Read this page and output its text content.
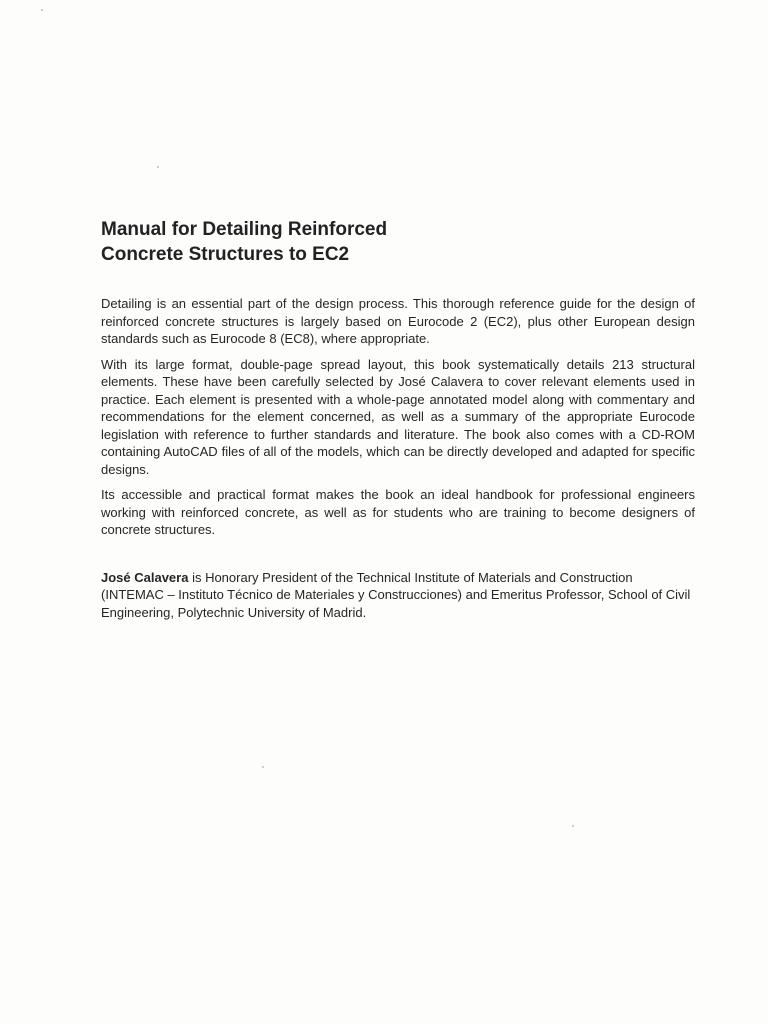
Manual for Detailing Reinforced
Concrete Structures to EC2

Detailing is an essential part of the design process. This thorough reference guide for the design of reinforced concrete structures is largely based on Eurocode 2 (EC2), plus other European design standards such as Eurocode 8 (EC8), where appropriate.

With its large format, double-page spread layout, this book systematically details 213 structural elements. These have been carefully selected by José Calavera to cover relevant elements used in practice. Each element is presented with a whole-page annotated model along with commentary and recommendations for the element concerned, as well as a summary of the appropriate Eurocode legislation with reference to further standards and literature. The book also comes with a CD-ROM containing AutoCAD files of all of the models, which can be directly developed and adapted for specific designs.

Its accessible and practical format makes the book an ideal handbook for professional engineers working with reinforced concrete, as well as for students who are training to become designers of concrete structures.

José Calavera is Honorary President of the Technical Institute of Materials and Construction (INTEMAC – Instituto Técnico de Materiales y Construcciones) and Emeritus Professor, School of Civil Engineering, Polytechnic University of Madrid.
